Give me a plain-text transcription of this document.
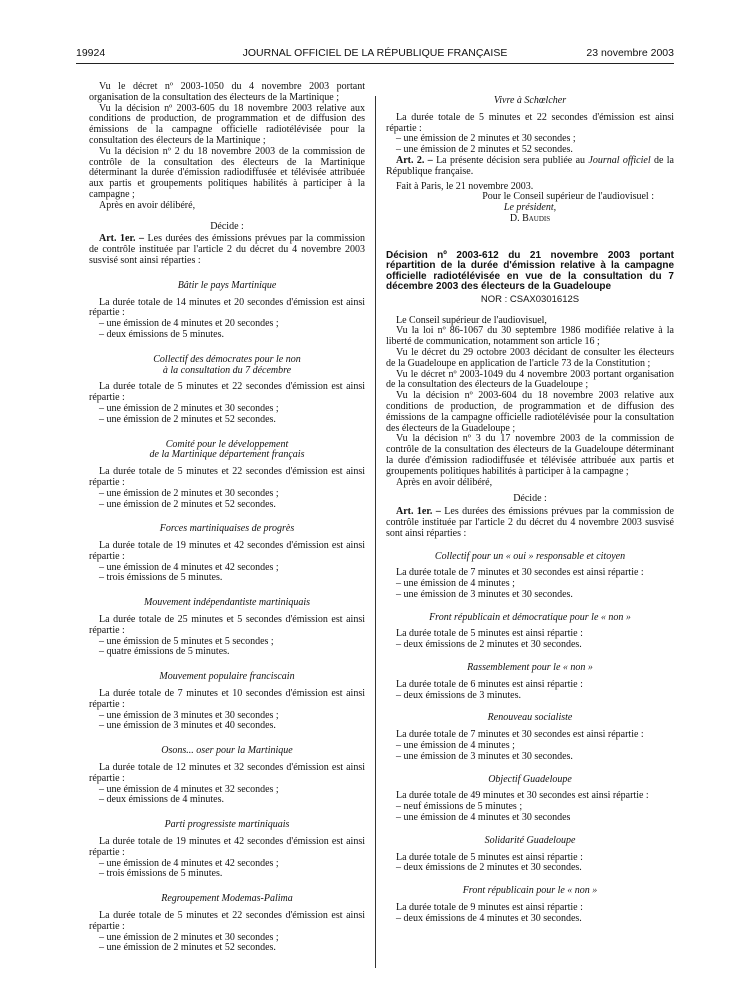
19924	JOURNAL OFFICIEL DE LA RÉPUBLIQUE FRANÇAISE	23 novembre 2003

Vu le décret nº 2003-1050 du 4 novembre 2003 portant organisation de la consultation des électeurs de la Martinique ;

Vu la décision nº 2003-605 du 18 novembre 2003 relative aux conditions de production, de programmation et de diffusion des émissions de la campagne officielle radiotélévisée pour la consultation des électeurs de la Martinique ;

Vu la décision nº 2 du 18 novembre 2003 de la commission de contrôle de la consultation des électeurs de la Martinique déterminant la durée d'émission radiodiffusée et télévisée attribuée aux partis et groupements politiques habilités à participer à la campagne ;

Après en avoir délibéré,

Décide :

Art. 1er. – Les durées des émissions prévues par la commission de contrôle instituée par l'article 2 du décret du 4 novembre 2003 susvisé sont ainsi réparties :

Bâtir le pays Martinique

La durée totale de 14 minutes et 20 secondes d'émission est ainsi répartie :

– une émission de 4 minutes et 20 secondes ;

– deux émissions de 5 minutes.

Collectif des démocrates pour le non

à la consultation du 7 décembre

La durée totale de 5 minutes et 22 secondes d'émission est ainsi répartie :

– une émission de 2 minutes et 30 secondes ;

– une émission de 2 minutes et 52 secondes.

Comité pour le développement

de la Martinique département français

La durée totale de 5 minutes et 22 secondes d'émission est ainsi répartie :

– une émission de 2 minutes et 30 secondes ;

– une émission de 2 minutes et 52 secondes.

Forces martiniquaises de progrès

La durée totale de 19 minutes et 42 secondes d'émission est ainsi répartie :

– une émission de 4 minutes et 42 secondes ;

– trois émissions de 5 minutes.

Mouvement indépendantiste martiniquais

La durée totale de 25 minutes et 5 secondes d'émission est ainsi répartie :

– une émission de 5 minutes et 5 secondes ;

– quatre émissions de 5 minutes.

Mouvement populaire franciscain

La durée totale de 7 minutes et 10 secondes d'émission est ainsi répartie :

– une émission de 3 minutes et 30 secondes ;

– une émission de 3 minutes et 40 secondes.

Osons... oser pour la Martinique

La durée totale de 12 minutes et 32 secondes d'émission est ainsi répartie :

– une émission de 4 minutes et 32 secondes ;

– deux émissions de 4 minutes.

Parti progressiste martiniquais

La durée totale de 19 minutes et 42 secondes d'émission est ainsi répartie :

– une émission de 4 minutes et 42 secondes ;

– trois émissions de 5 minutes.

Regroupement Modemas-Palima

La durée totale de 5 minutes et 22 secondes d'émission est ainsi répartie :

– une émission de 2 minutes et 30 secondes ;

– une émission de 2 minutes et 52 secondes.

Vivre à Schœlcher

La durée totale de 5 minutes et 22 secondes d'émission est ainsi répartie :

– une émission de 2 minutes et 30 secondes ;

– une émission de 2 minutes et 52 secondes.

Art. 2. – La présente décision sera publiée au Journal officiel de la République française.

Fait à Paris, le 21 novembre 2003.

Pour le Conseil supérieur de l'audiovisuel :

Le président,

D. Baudis

Décision nº 2003-612 du 21 novembre 2003 portant répartition de la durée d'émission relative à la campagne officielle radiotélévisée en vue de la consultation du 7 décembre 2003 des électeurs de la Guadeloupe

NOR : CSAX0301612S

Le Conseil supérieur de l'audiovisuel,

Vu la loi nº 86-1067 du 30 septembre 1986 modifiée relative à la liberté de communication, notamment son article 16 ;

Vu le décret du 29 octobre 2003 décidant de consulter les électeurs de la Guadeloupe en application de l'article 73 de la Constitution ;

Vu le décret nº 2003-1049 du 4 novembre 2003 portant organisation de la consultation des électeurs de la Guadeloupe ;

Vu la décision nº 2003-604 du 18 novembre 2003 relative aux conditions de production, de programmation et de diffusion des émissions de la campagne officielle radiotélévisée pour la consultation des électeurs de la Guadeloupe ;

Vu la décision nº 3 du 17 novembre 2003 de la commission de contrôle de la consultation des électeurs de la Guadeloupe déterminant la durée d'émission radiodiffusée et télévisée attribuée aux partis et groupements politiques habilités à participer à la campagne ;

Après en avoir délibéré,

Décide :

Art. 1er. – Les durées des émissions prévues par la commission de contrôle instituée par l'article 2 du décret du 4 novembre 2003 susvisé sont ainsi réparties :

Collectif pour un « oui » responsable et citoyen

La durée totale de 7 minutes et 30 secondes est ainsi répartie :

– une émission de 4 minutes ;

– une émission de 3 minutes et 30 secondes.

Front républicain et démocratique pour le « non »

La durée totale de 5 minutes est ainsi répartie :

– deux émissions de 2 minutes et 30 secondes.

Rassemblement pour le « non »

La durée totale de 6 minutes est ainsi répartie :

– deux émissions de 3 minutes.

Renouveau socialiste

La durée totale de 7 minutes et 30 secondes est ainsi répartie :

– une émission de 4 minutes ;

– une émission de 3 minutes et 30 secondes.

Objectif Guadeloupe

La durée totale de 49 minutes et 30 secondes est ainsi répartie :

– neuf émissions de 5 minutes ;

– une émission de 4 minutes et 30 secondes

Solidarité Guadeloupe

La durée totale de 5 minutes est ainsi répartie :

– deux émissions de 2 minutes et 30 secondes.

Front républicain pour le « non »

La durée totale de 9 minutes est ainsi répartie :

– deux émissions de 4 minutes et 30 secondes.
